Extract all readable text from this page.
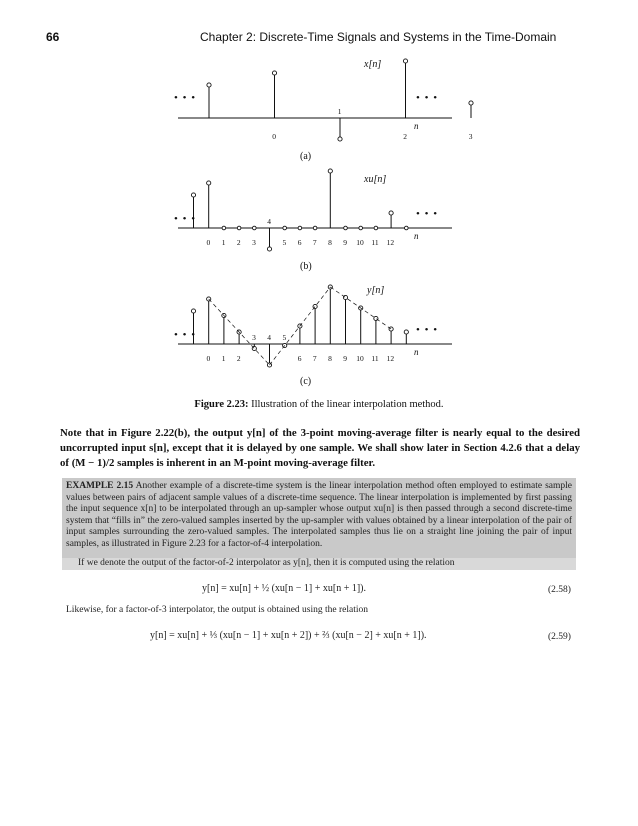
66	Chapter 2: Discrete-Time Signals and Systems in the Time-Domain
• • •	• • •
x[n]
n
(a)
0
1
2	3
• • •	• • •
xu[n]
n
(b)
0 1 2 3
4
5 6 7 8 9 10 11 12
• • •	• • •
y[n]
n
(c)
0 1 2
3 4 5
6 7 8 9 10 11 12
Figure 2.23: Illustration of the linear interpolation method.
Note that in Figure 2.22(b), the output y[n] of the 3-point moving-average filter is nearly equal to the desired uncorrupted input s[n], except that it is delayed by one sample. We shall show later in Section 4.2.6 that a delay of (M − 1)/2 samples is inherent in an M-point moving-average filter.
EXAMPLE 2.15 Another example of a discrete-time system is the linear interpolation method often employed to estimate sample values between pairs of adjacent sample values of a discrete-time sequence. The linear interpolation is implemented by first passing the input sequence x[n] to be interpolated through an up-sampler whose output xu[n] is then passed through a second discrete-time system that “fills in” the zero-valued samples inserted by the up-sampler with values obtained by a linear interpolation of the pair of input samples surrounding the zero-valued samples. The interpolated samples thus lie on a straight line joining the pair of input samples, as illustrated in Figure 2.23 for a factor-of-4 interpolation.
If we denote the output of the factor-of-2 interpolator as y[n], then it is computed using the relation
y[n] = xu[n] + ½ (xu[n − 1] + xu[n + 1]).	(2.58)
Likewise, for a factor-of-3 interpolator, the output is obtained using the relation
y[n] = xu[n] + ⅓ (xu[n − 1] + xu[n + 2]) + ⅔ (xu[n − 2] + xu[n + 1]).	(2.59)
